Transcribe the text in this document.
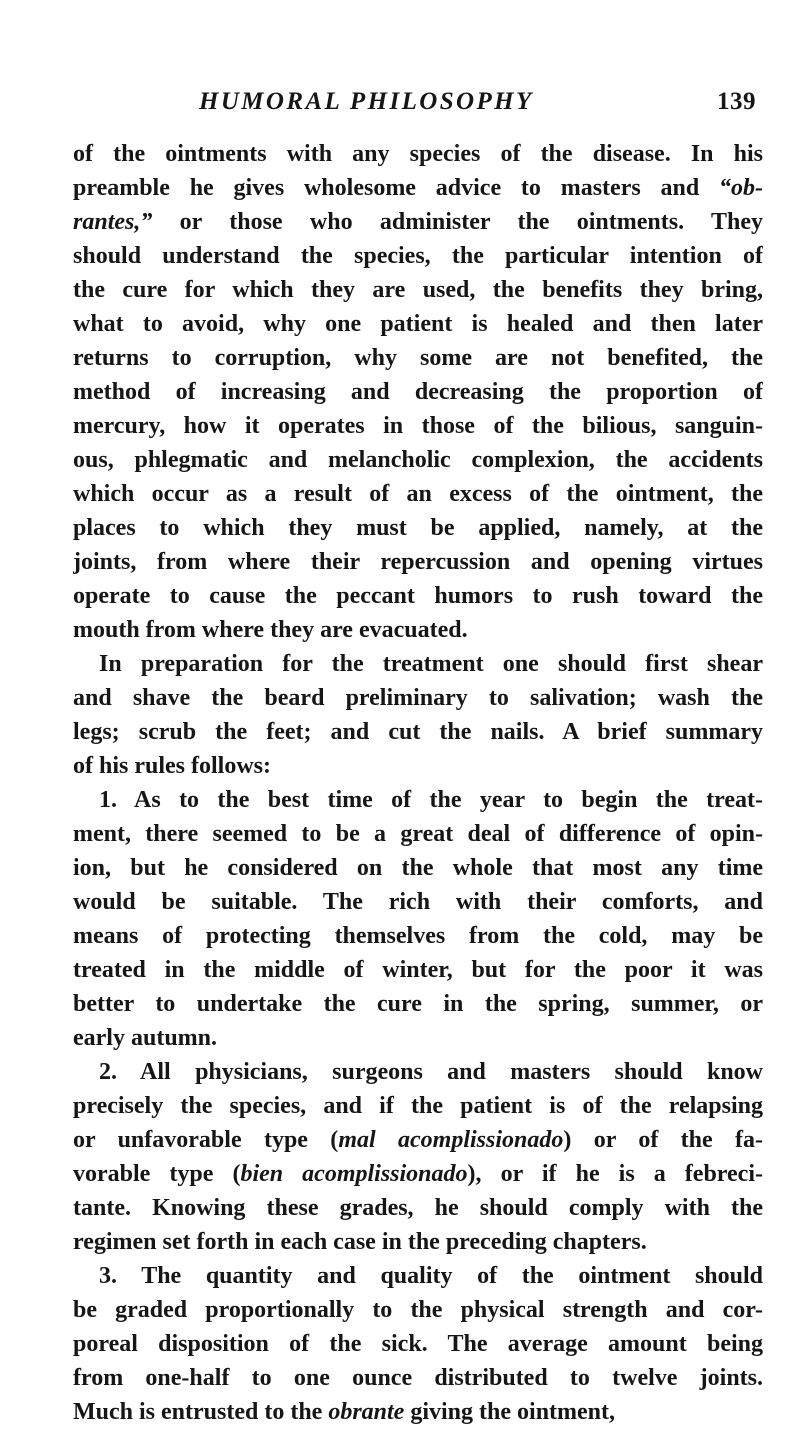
HUMORAL PHILOSOPHY	139
of the ointments with any species of the disease. In his
preamble he gives wholesome advice to masters and “ob-
rantes,” or those who administer the ointments. They
should understand the species, the particular intention of
the cure for which they are used, the benefits they bring,
what to avoid, why one patient is healed and then later
returns to corruption, why some are not benefited, the
method of increasing and decreasing the proportion of
mercury, how it operates in those of the bilious, sanguin-
ous, phlegmatic and melancholic complexion, the accidents
which occur as a result of an excess of the ointment, the
places to which they must be applied, namely, at the
joints, from where their repercussion and opening virtues
operate to cause the peccant humors to rush toward the
mouth from where they are evacuated.
In preparation for the treatment one should first shear
and shave the beard preliminary to salivation; wash the
legs; scrub the feet; and cut the nails. A brief summary
of his rules follows:
1. As to the best time of the year to begin the treat-
ment, there seemed to be a great deal of difference of opin-
ion, but he considered on the whole that most any time
would be suitable. The rich with their comforts, and
means of protecting themselves from the cold, may be
treated in the middle of winter, but for the poor it was
better to undertake the cure in the spring, summer, or
early autumn.
2. All physicians, surgeons and masters should know
precisely the species, and if the patient is of the relapsing
or unfavorable type (mal acomplissionado) or of the fa-
vorable type (bien acomplissionado), or if he is a febreci-
tante. Knowing these grades, he should comply with the
regimen set forth in each case in the preceding chapters.
3. The quantity and quality of the ointment should
be graded proportionally to the physical strength and cor-
poreal disposition of the sick. The average amount being
from one-half to one ounce distributed to twelve joints.
Much is entrusted to the obrante giving the ointment,
